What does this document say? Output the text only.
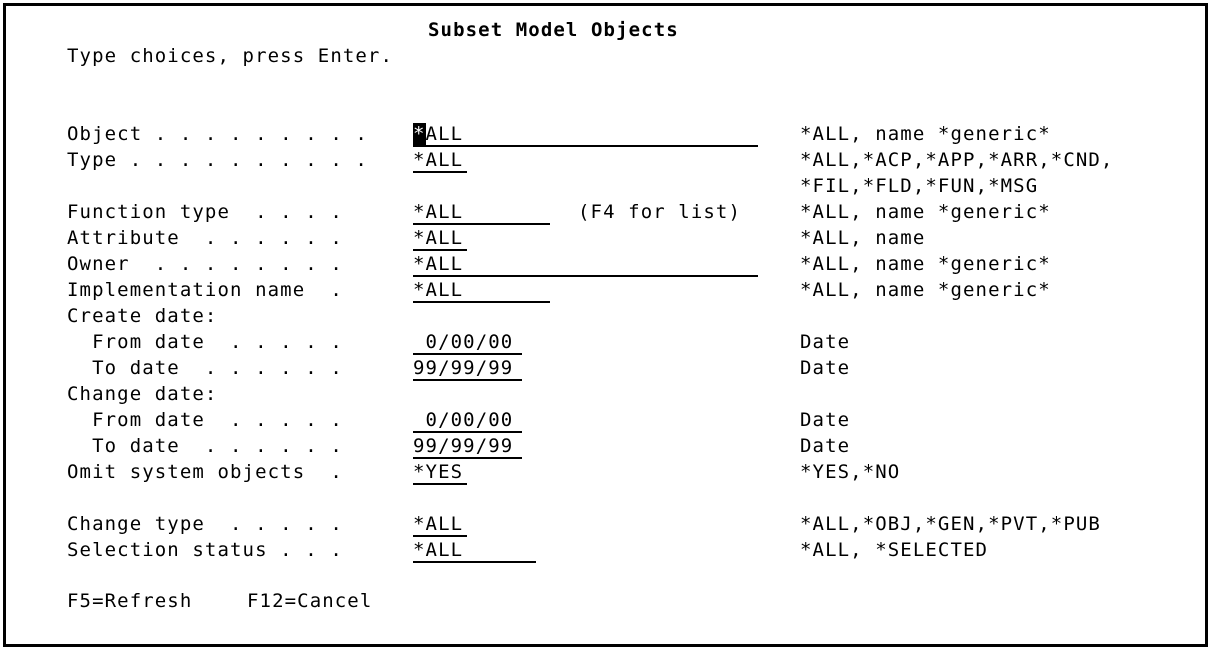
Subset Model Objects
Type choices, press Enter.
Object . . . . . . . . . *ALL	*ALL, name *generic*
Type . . . . . . . . . . *ALL	*ALL,*ACP,*APP,*ARR,*CND,
*FIL,*FLD,*FUN,*MSG
Function type  . . . .	*ALL	(F4 for list)	*ALL, name *generic*
Attribute  . . . . . .	*ALL	*ALL, name
Owner  . . . . . . . .	*ALL	*ALL, name *generic*
Implementation name  .	*ALL	*ALL, name *generic*
Create date:
From date  . . . . .	0/00/00	Date
To date  . . . . . .	99/99/99	Date
Change date:
From date  . . . . .	0/00/00	Date
To date  . . . . . .	99/99/99	Date
Omit system objects  .	*YES	*YES,*NO
Change type  . . . . .	*ALL	*ALL,*OBJ,*GEN,*PVT,*PUB
Selection status . . .	*ALL	*ALL, *SELECTED
F5=Refresh	F12=Cancel
